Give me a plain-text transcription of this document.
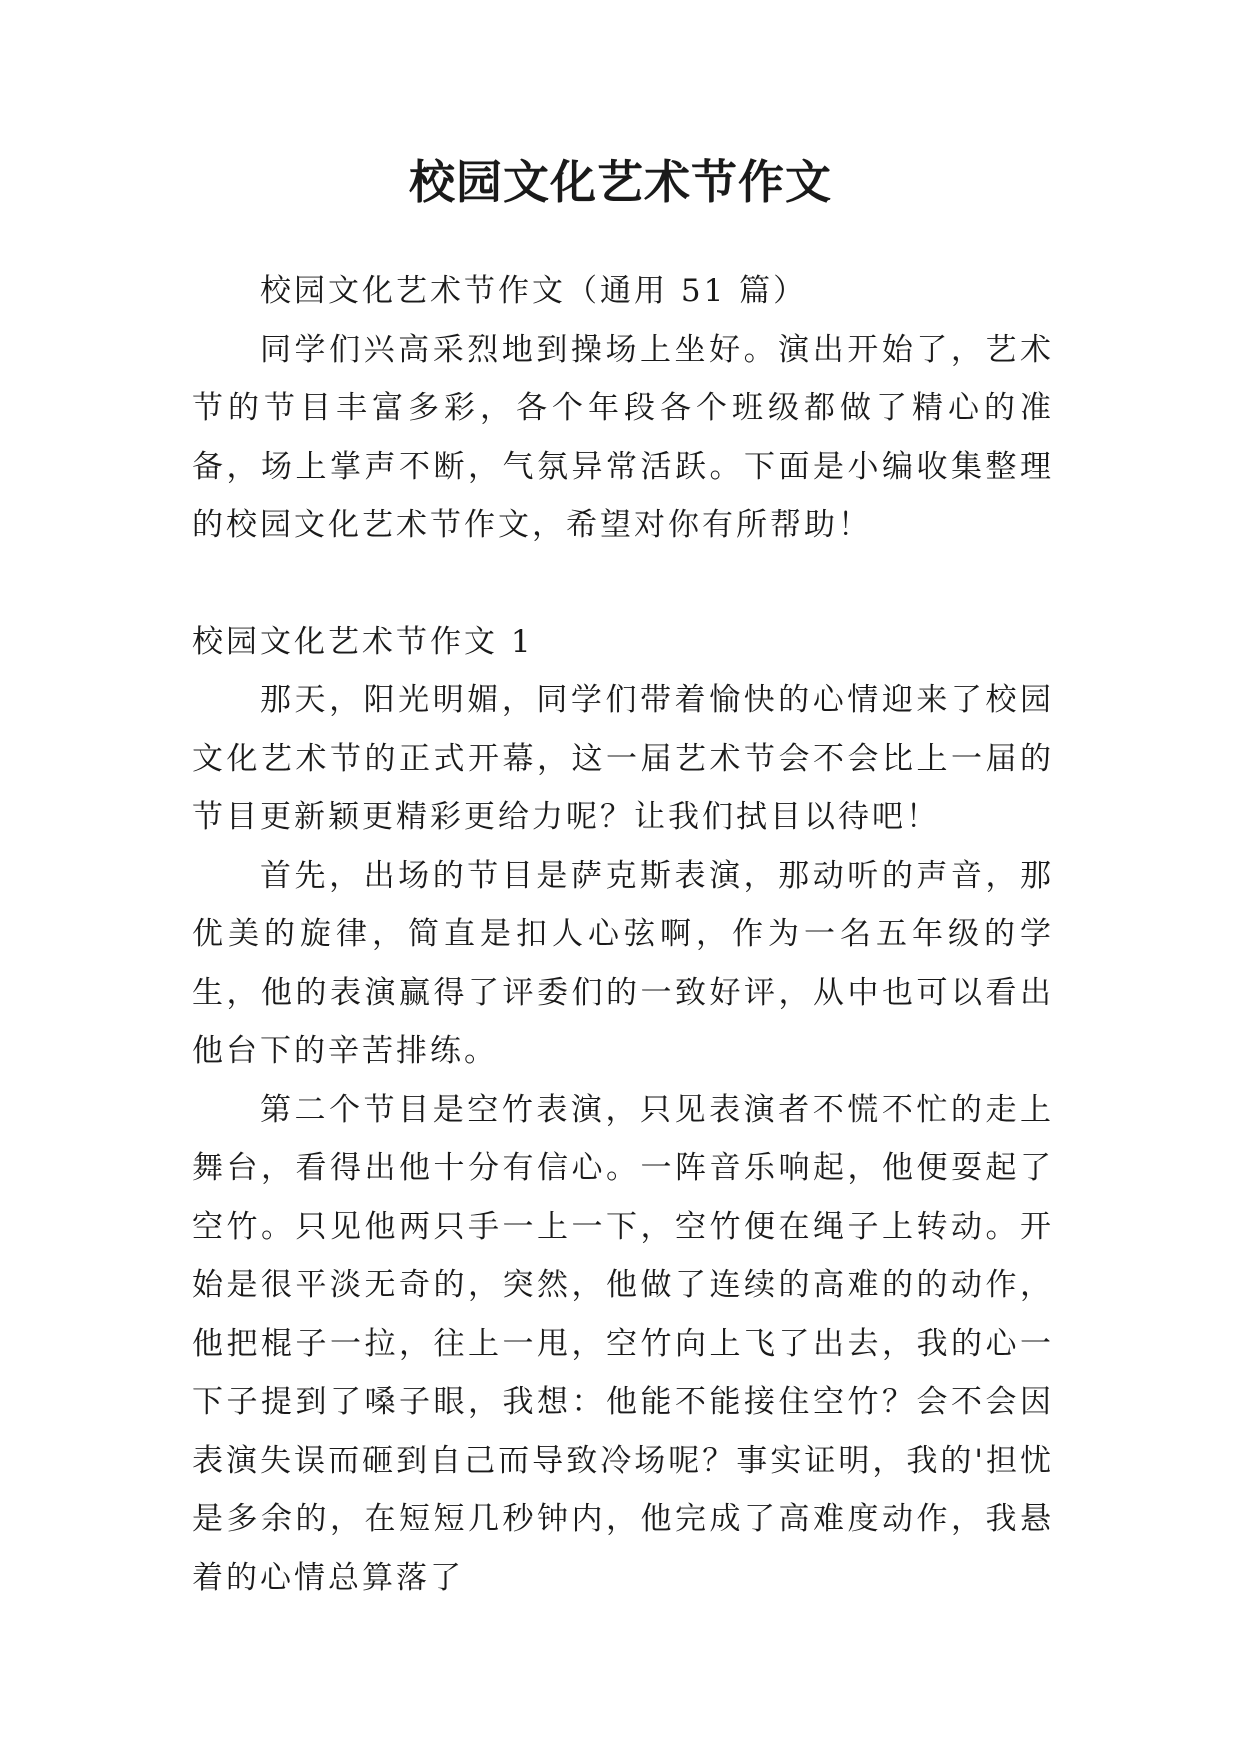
校园文化艺术节作文

校园文化艺术节作文（通用 51 篇）

同学们兴高采烈地到操场上坐好。演出开始了，艺术节的节目丰富多彩，各个年段各个班级都做了精心的准备，场上掌声不断，气氛异常活跃。下面是小编收集整理的校园文化艺术节作文，希望对你有所帮助！

校园文化艺术节作文 1

那天，阳光明媚，同学们带着愉快的心情迎来了校园文化艺术节的正式开幕，这一届艺术节会不会比上一届的节目更新颖更精彩更给力呢？让我们拭目以待吧！

首先，出场的节目是萨克斯表演，那动听的声音，那优美的旋律，简直是扣人心弦啊，作为一名五年级的学生，他的表演赢得了评委们的一致好评，从中也可以看出他台下的辛苦排练。

第二个节目是空竹表演，只见表演者不慌不忙的走上舞台，看得出他十分有信心。一阵音乐响起，他便耍起了空竹。只见他两只手一上一下，空竹便在绳子上转动。开始是很平淡无奇的，突然，他做了连续的高难的的动作，他把棍子一拉，往上一甩，空竹向上飞了出去，我的心一下子提到了嗓子眼，我想：他能不能接住空竹？会不会因表演失误而砸到自己而导致冷场呢？事实证明，我的'担忧是多余的，在短短几秒钟内，他完成了高难度动作，我悬着的心情总算落了
